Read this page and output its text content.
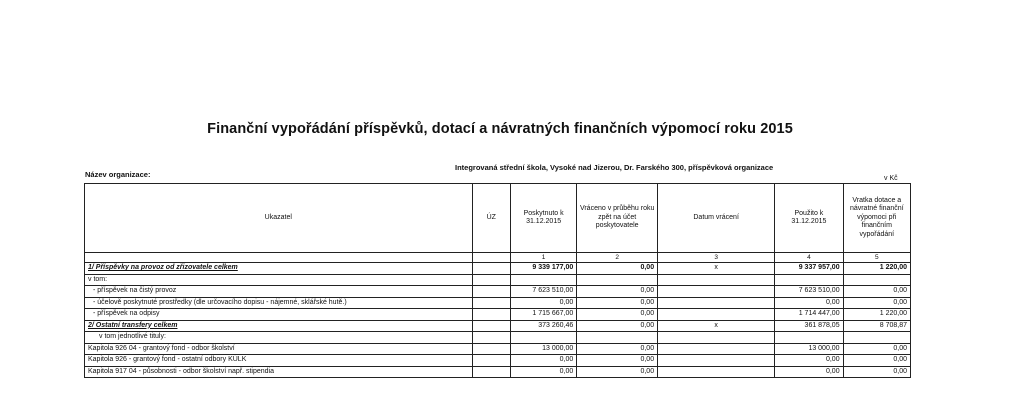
Finanční vypořádání příspěvků, dotací a návratných finančních výpomocí roku 2015
Název organizace:
Integrovaná střední škola, Vysoké nad Jizerou, Dr. Farského 300, příspěvková organizace
v Kč
Ukazatel	ÚZ	Poskytnuto k 31.12.2015	Vráceno v průběhu roku zpět na účet poskytovatele	Datum vrácení	Použito k 31.12.2015	Vratka dotace a návratné finanční výpomoci při finančním vypořádání
		1	2	3	4	5
1/ Příspěvky na provoz od zřizovatele celkem		9 339 177,00	0,00	x	9 337 957,00	1 220,00
v tom:						
- příspěvek na čistý provoz		7 623 510,00	0,00		7 623 510,00	0,00
- účelově poskytnuté prostředky (dle určovacího dopisu - nájemné, sklářské hutě.)		0,00	0,00		0,00	0,00
- příspěvek na odpisy		1 715 667,00	0,00		1 714 447,00	1 220,00
2/ Ostatní transfery celkem		373 260,46	0,00	x	361 878,05	8 708,87
v tom jednotlivé tituly:						
Kapitola 926 04 - grantový fond - odbor školství		13 000,00	0,00		13 000,00	0,00
Kapitola 926 - grantový fond - ostatní odbory KÚLK		0,00	0,00		0,00	0,00
Kapitola 917 04 - působnosti - odbor školství např. stipendia		0,00	0,00		0,00	0,00
